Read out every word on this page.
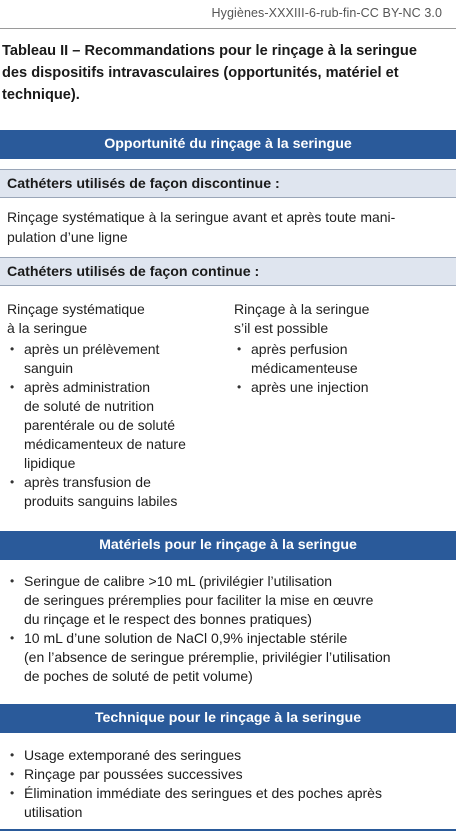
Hygiènes-XXXIII-6-rub-fin-CC BY-NC 3.0
Tableau II – Recommandations pour le rinçage à la seringue
des dispositifs intravasculaires (opportunités, matériel et
technique).
Opportunité du rinçage à la seringue
Cathéters utilisés de façon discontinue :
Rinçage systématique à la seringue avant et après toute mani-
pulation d’une ligne
Cathéters utilisés de façon continue :
Rinçage systématique
à la seringue
• après un prélèvement
sanguin
• après administration
de soluté de nutrition
parentérale ou de soluté
médicamenteux de nature
lipidique
• après transfusion de
produits sanguins labiles
Rinçage à la seringue
s’il est possible
• après perfusion
médicamenteuse
• après une injection
Matériels pour le rinçage à la seringue
• Seringue de calibre >10 mL (privilégier l’utilisation
de seringues préremplies pour faciliter la mise en œuvre
du rinçage et le respect des bonnes pratiques)
• 10 mL d’une solution de NaCl 0,9% injectable stérile
(en l’absence de seringue préremplie, privilégier l’utilisation
de poches de soluté de petit volume)
Technique pour le rinçage à la seringue
• Usage extemporané des seringues
• Rinçage par poussées successives
• Élimination immédiate des seringues et des poches après
utilisation
